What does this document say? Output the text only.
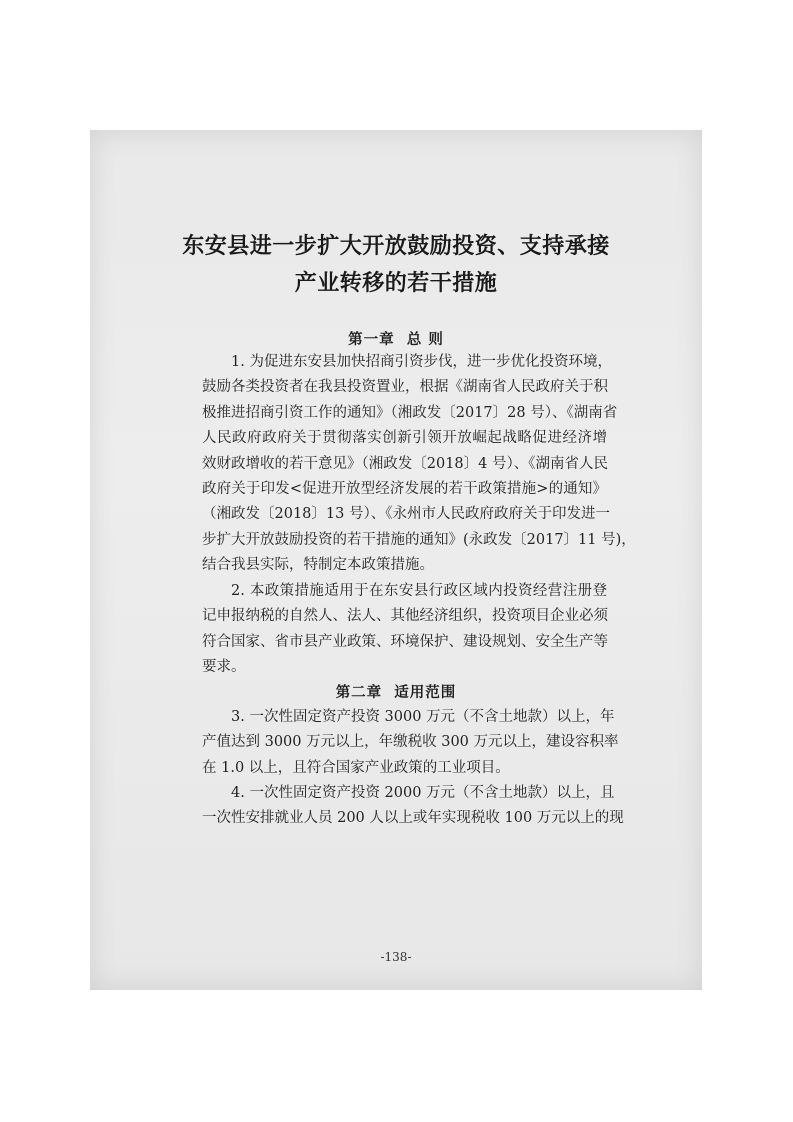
东安县进一步扩大开放鼓励投资、支持承接
产业转移的若干措施
第一章  总 则
1. 为促进东安县加快招商引资步伐，进一步优化投资环境，
鼓励各类投资者在我县投资置业，根据《湖南省人民政府关于积
极推进招商引资工作的通知》（湘政发〔2017〕28 号）、《湖南省
人民政府政府关于贯彻落实创新引领开放崛起战略促进经济增
效财政增收的若干意见》（湘政发〔2018〕4 号）、《湖南省人民
政府关于印发<促进开放型经济发展的若干政策措施>的通知》
（湘政发〔2018〕13 号）、《永州市人民政府政府关于印发进一
步扩大开放鼓励投资的若干措施的通知》(永政发〔2017〕11 号)，
结合我县实际，特制定本政策措施。
2. 本政策措施适用于在东安县行政区域内投资经营注册登
记申报纳税的自然人、法人、其他经济组织，投资项目企业必须
符合国家、省市县产业政策、环境保护、建设规划、安全生产等
要求。
第二章  适用范围
3. 一次性固定资产投资 3000 万元（不含土地款）以上，年
产值达到 3000 万元以上，年缴税收 300 万元以上，建设容积率
在 1.0 以上，且符合国家产业政策的工业项目。
4. 一次性固定资产投资 2000 万元（不含土地款）以上，且
一次性安排就业人员 200 人以上或年实现税收 100 万元以上的现
-138-
